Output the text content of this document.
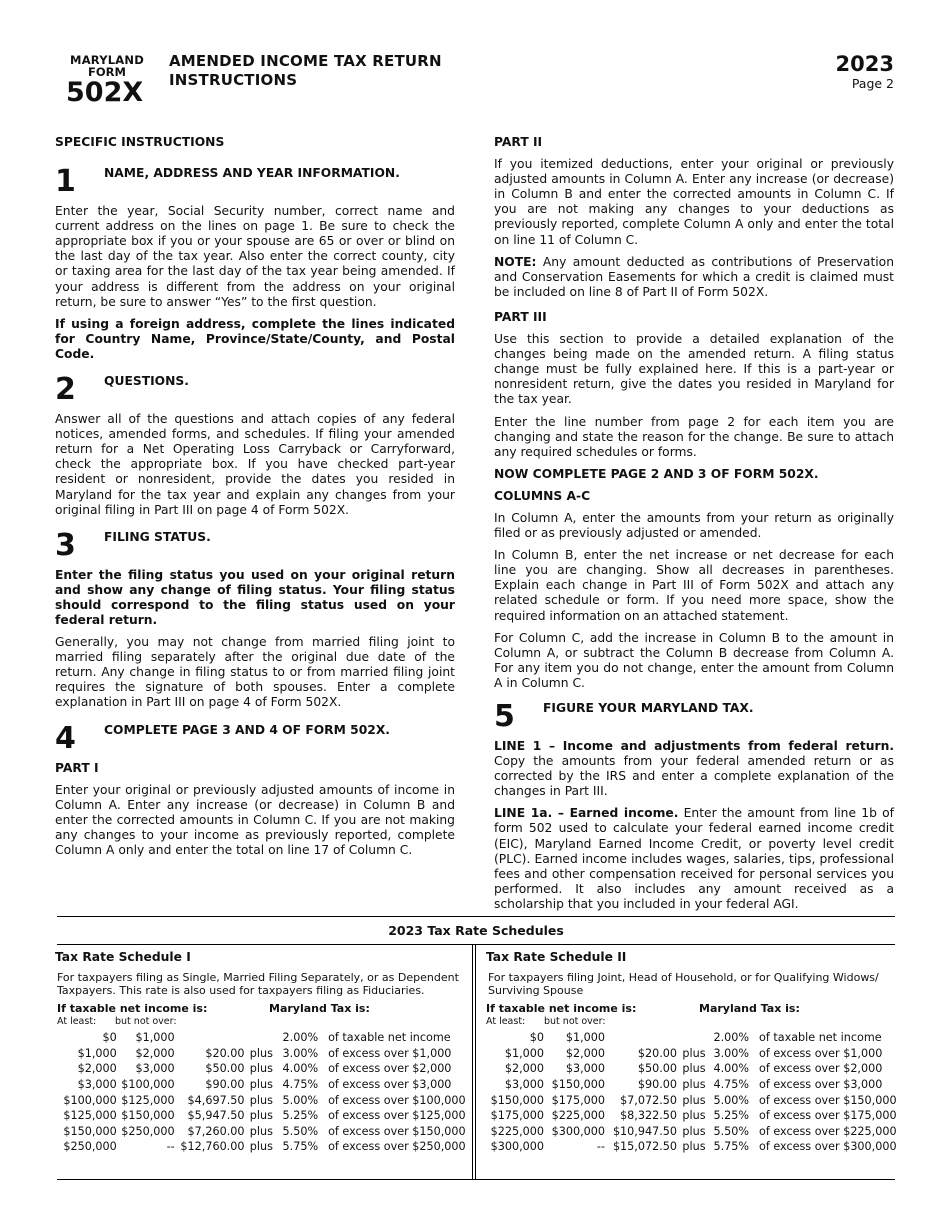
MARYLAND
FORM
502X
AMENDED INCOME TAX RETURN
INSTRUCTIONS
2023
Page 2
SPECIFIC INSTRUCTIONS
1 NAME, ADDRESS AND YEAR INFORMATION.

Enter the year, Social Security number, correct name and current address on the lines on page 1. Be sure to check the appropriate box if you or your spouse are 65 or over or blind on the last day of the tax year. Also enter the correct county, city or taxing area for the last day of the tax year being amended. If your address is different from the address on your original return, be sure to answer “Yes” to the first question.

If using a foreign address, complete the lines indicated for Country Name, Province/State/County, and Postal Code.

2 QUESTIONS.

Answer all of the questions and attach copies of any federal notices, amended forms, and schedules. If filing your amended return for a Net Operating Loss Carryback or Carryforward, check the appropriate box. If you have checked part-year resident or nonresident, provide the dates you resided in Maryland for the tax year and explain any changes from your original filing in Part III on page 4 of Form 502X.

3 FILING STATUS.

Enter the filing status you used on your original return and show any change of filing status. Your filing status should correspond to the filing status used on your federal return.

Generally, you may not change from married filing joint to married filing separately after the original due date of the return. Any change in filing status to or from married filing joint requires the signature of both spouses. Enter a complete explanation in Part III on page 4 of Form 502X.

4 COMPLETE PAGE 3 AND 4 OF FORM 502X.
PART I

Enter your original or previously adjusted amounts of income in Column A. Enter any increase (or decrease) in Column B and enter the corrected amounts in Column C. If you are not making any changes to your income as previously reported, complete Column A only and enter the total on line 17 of Column C.

PART II

If you itemized deductions, enter your original or previously adjusted amounts in Column A. Enter any increase (or decrease) in Column B and enter the corrected amounts in Column C. If you are not making any changes to your deductions as previously reported, complete Column A only and enter the total on line 11 of Column C.

NOTE: Any amount deducted as contributions of Preservation and Conservation Easements for which a credit is claimed must be included on line 8 of Part II of Form 502X.

PART III

Use this section to provide a detailed explanation of the changes being made on the amended return. A filing status change must be fully explained here. If this is a part-year or nonresident return, give the dates you resided in Maryland for the tax year.

Enter the line number from page 2 for each item you are changing and state the reason for the change. Be sure to attach any required schedules or forms.

NOW COMPLETE PAGE 2 AND 3 OF FORM 502X.
COLUMNS A-C

In Column A, enter the amounts from your return as originally filed or as previously adjusted or amended.

In Column B, enter the net increase or net decrease for each line you are changing. Show all decreases in parentheses. Explain each change in Part III of Form 502X and attach any related schedule or form. If you need more space, show the required information on an attached statement.

For Column C, add the increase in Column B to the amount in Column A, or subtract the Column B decrease from Column A. For any item you do not change, enter the amount from Column A in Column C.

5 FIGURE YOUR MARYLAND TAX.

LINE 1 – Income and adjustments from federal return. Copy the amounts from your federal amended return or as corrected by the IRS and enter a complete explanation of the changes in Part III.

LINE 1a. – Earned income. Enter the amount from line 1b of form 502 used to calculate your federal earned income credit (EIC), Maryland Earned Income Credit, or poverty level credit (PLC). Earned income includes wages, salaries, tips, professional fees and other compensation received for personal services you performed. It also includes any amount received as a scholarship that you included in your federal AGI.

2023 Tax Rate Schedules
Tax Rate Schedule I
For taxpayers filing as Single, Married Filing Separately, or as Dependent Taxpayers. This rate is also used for taxpayers filing as Fiduciaries.
If taxable net income is:	Maryland Tax is:
At least: but not over:
$0	$1,000			2.00%	of taxable net income
$1,000	$2,000	$20.00	plus	3.00%	of excess over $1,000
$2,000	$3,000	$50.00	plus	4.00%	of excess over $2,000
$3,000	$100,000	$90.00	plus	4.75%	of excess over $3,000
$100,000	$125,000	$4,697.50	plus	5.00%	of excess over $100,000
$125,000	$150,000	$5,947.50	plus	5.25%	of excess over $125,000
$150,000	$250,000	$7,260.00	plus	5.50%	of excess over $150,000
$250,000	--	$12,760.00	plus	5.75%	of excess over $250,000
Tax Rate Schedule II
For taxpayers filing Joint, Head of Household, or for Qualifying Widows/ Surviving Spouse
If taxable net income is:	Maryland Tax is:
At least: but not over:
$0	$1,000			2.00%	of taxable net income
$1,000	$2,000	$20.00	plus	3.00%	of excess over $1,000
$2,000	$3,000	$50.00	plus	4.00%	of excess over $2,000
$3,000	$150,000	$90.00	plus	4.75%	of excess over $3,000
$150,000	$175,000	$7,072.50	plus	5.00%	of excess over $150,000
$175,000	$225,000	$8,322.50	plus	5.25%	of excess over $175,000
$225,000	$300,000	$10,947.50	plus	5.50%	of excess over $225,000
$300,000	--	$15,072.50	plus	5.75%	of excess over $300,000
